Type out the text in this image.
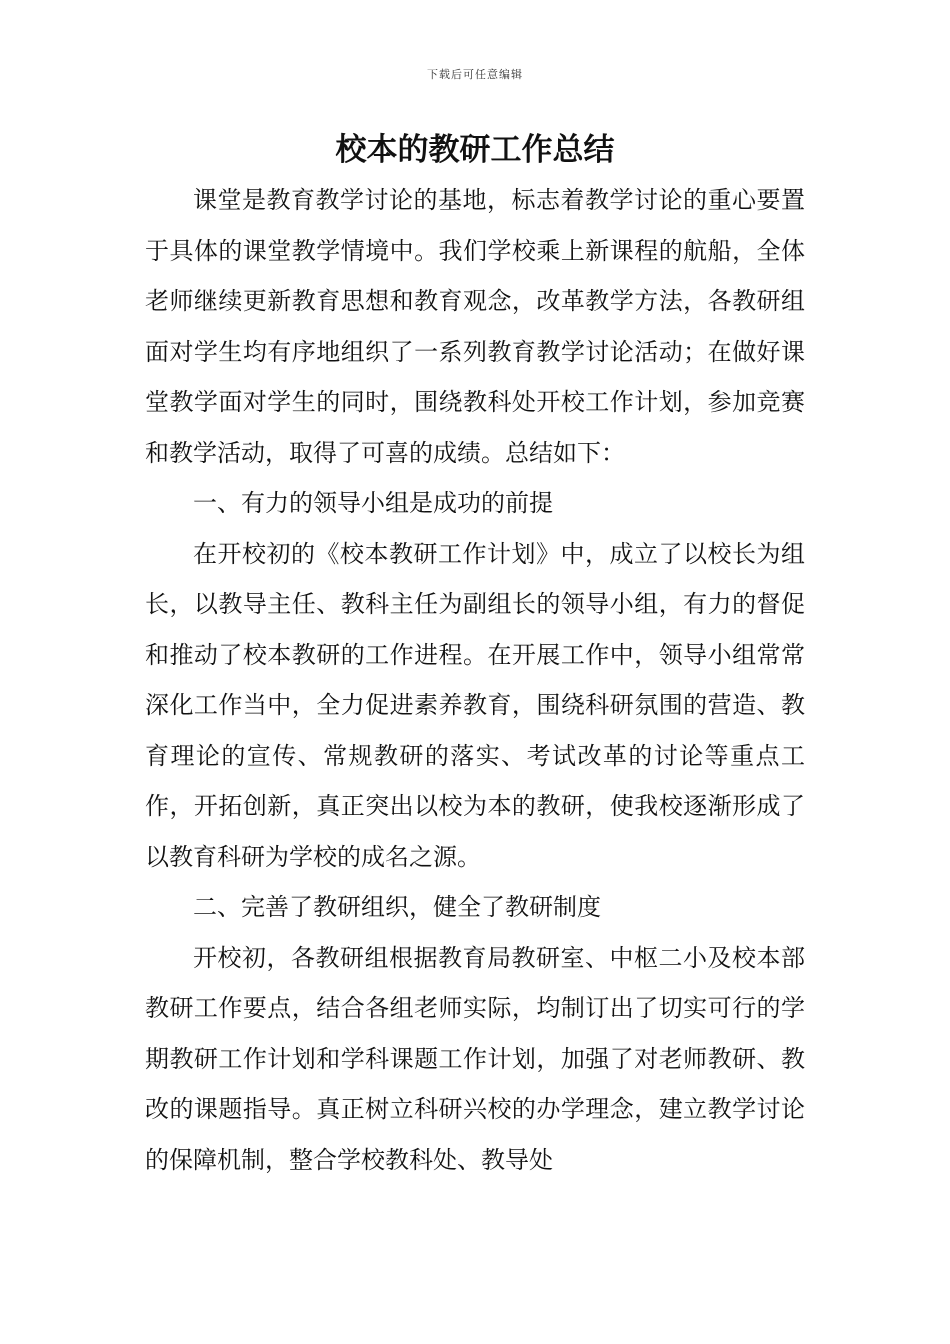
下载后可任意编辑
校本的教研工作总结

课堂是教育教学讨论的基地，标志着教学讨论的重心要置于具体的课堂教学情境中。我们学校乘上新课程的航船，全体老师继续更新教育思想和教育观念，改革教学方法，各教研组面对学生均有序地组织了一系列教育教学讨论活动；在做好课堂教学面对学生的同时，围绕教科处开校工作计划，参加竞赛和教学活动，取得了可喜的成绩。总结如下：

一、有力的领导小组是成功的前提

在开校初的《校本教研工作计划》中，成立了以校长为组长，以教导主任、教科主任为副组长的领导小组，有力的督促和推动了校本教研的工作进程。在开展工作中，领导小组常常深化工作当中，全力促进素养教育，围绕科研氛围的营造、教育理论的宣传、常规教研的落实、考试改革的讨论等重点工作，开拓创新，真正突出以校为本的教研，使我校逐渐形成了以教育科研为学校的成名之源。

二、完善了教研组织，健全了教研制度

开校初，各教研组根据教育局教研室、中枢二小及校本部教研工作要点，结合各组老师实际，均制订出了切实可行的学期教研工作计划和学科课题工作计划，加强了对老师教研、教改的课题指导。真正树立科研兴校的办学理念，建立教学讨论的保障机制，整合学校教科处、教导处
